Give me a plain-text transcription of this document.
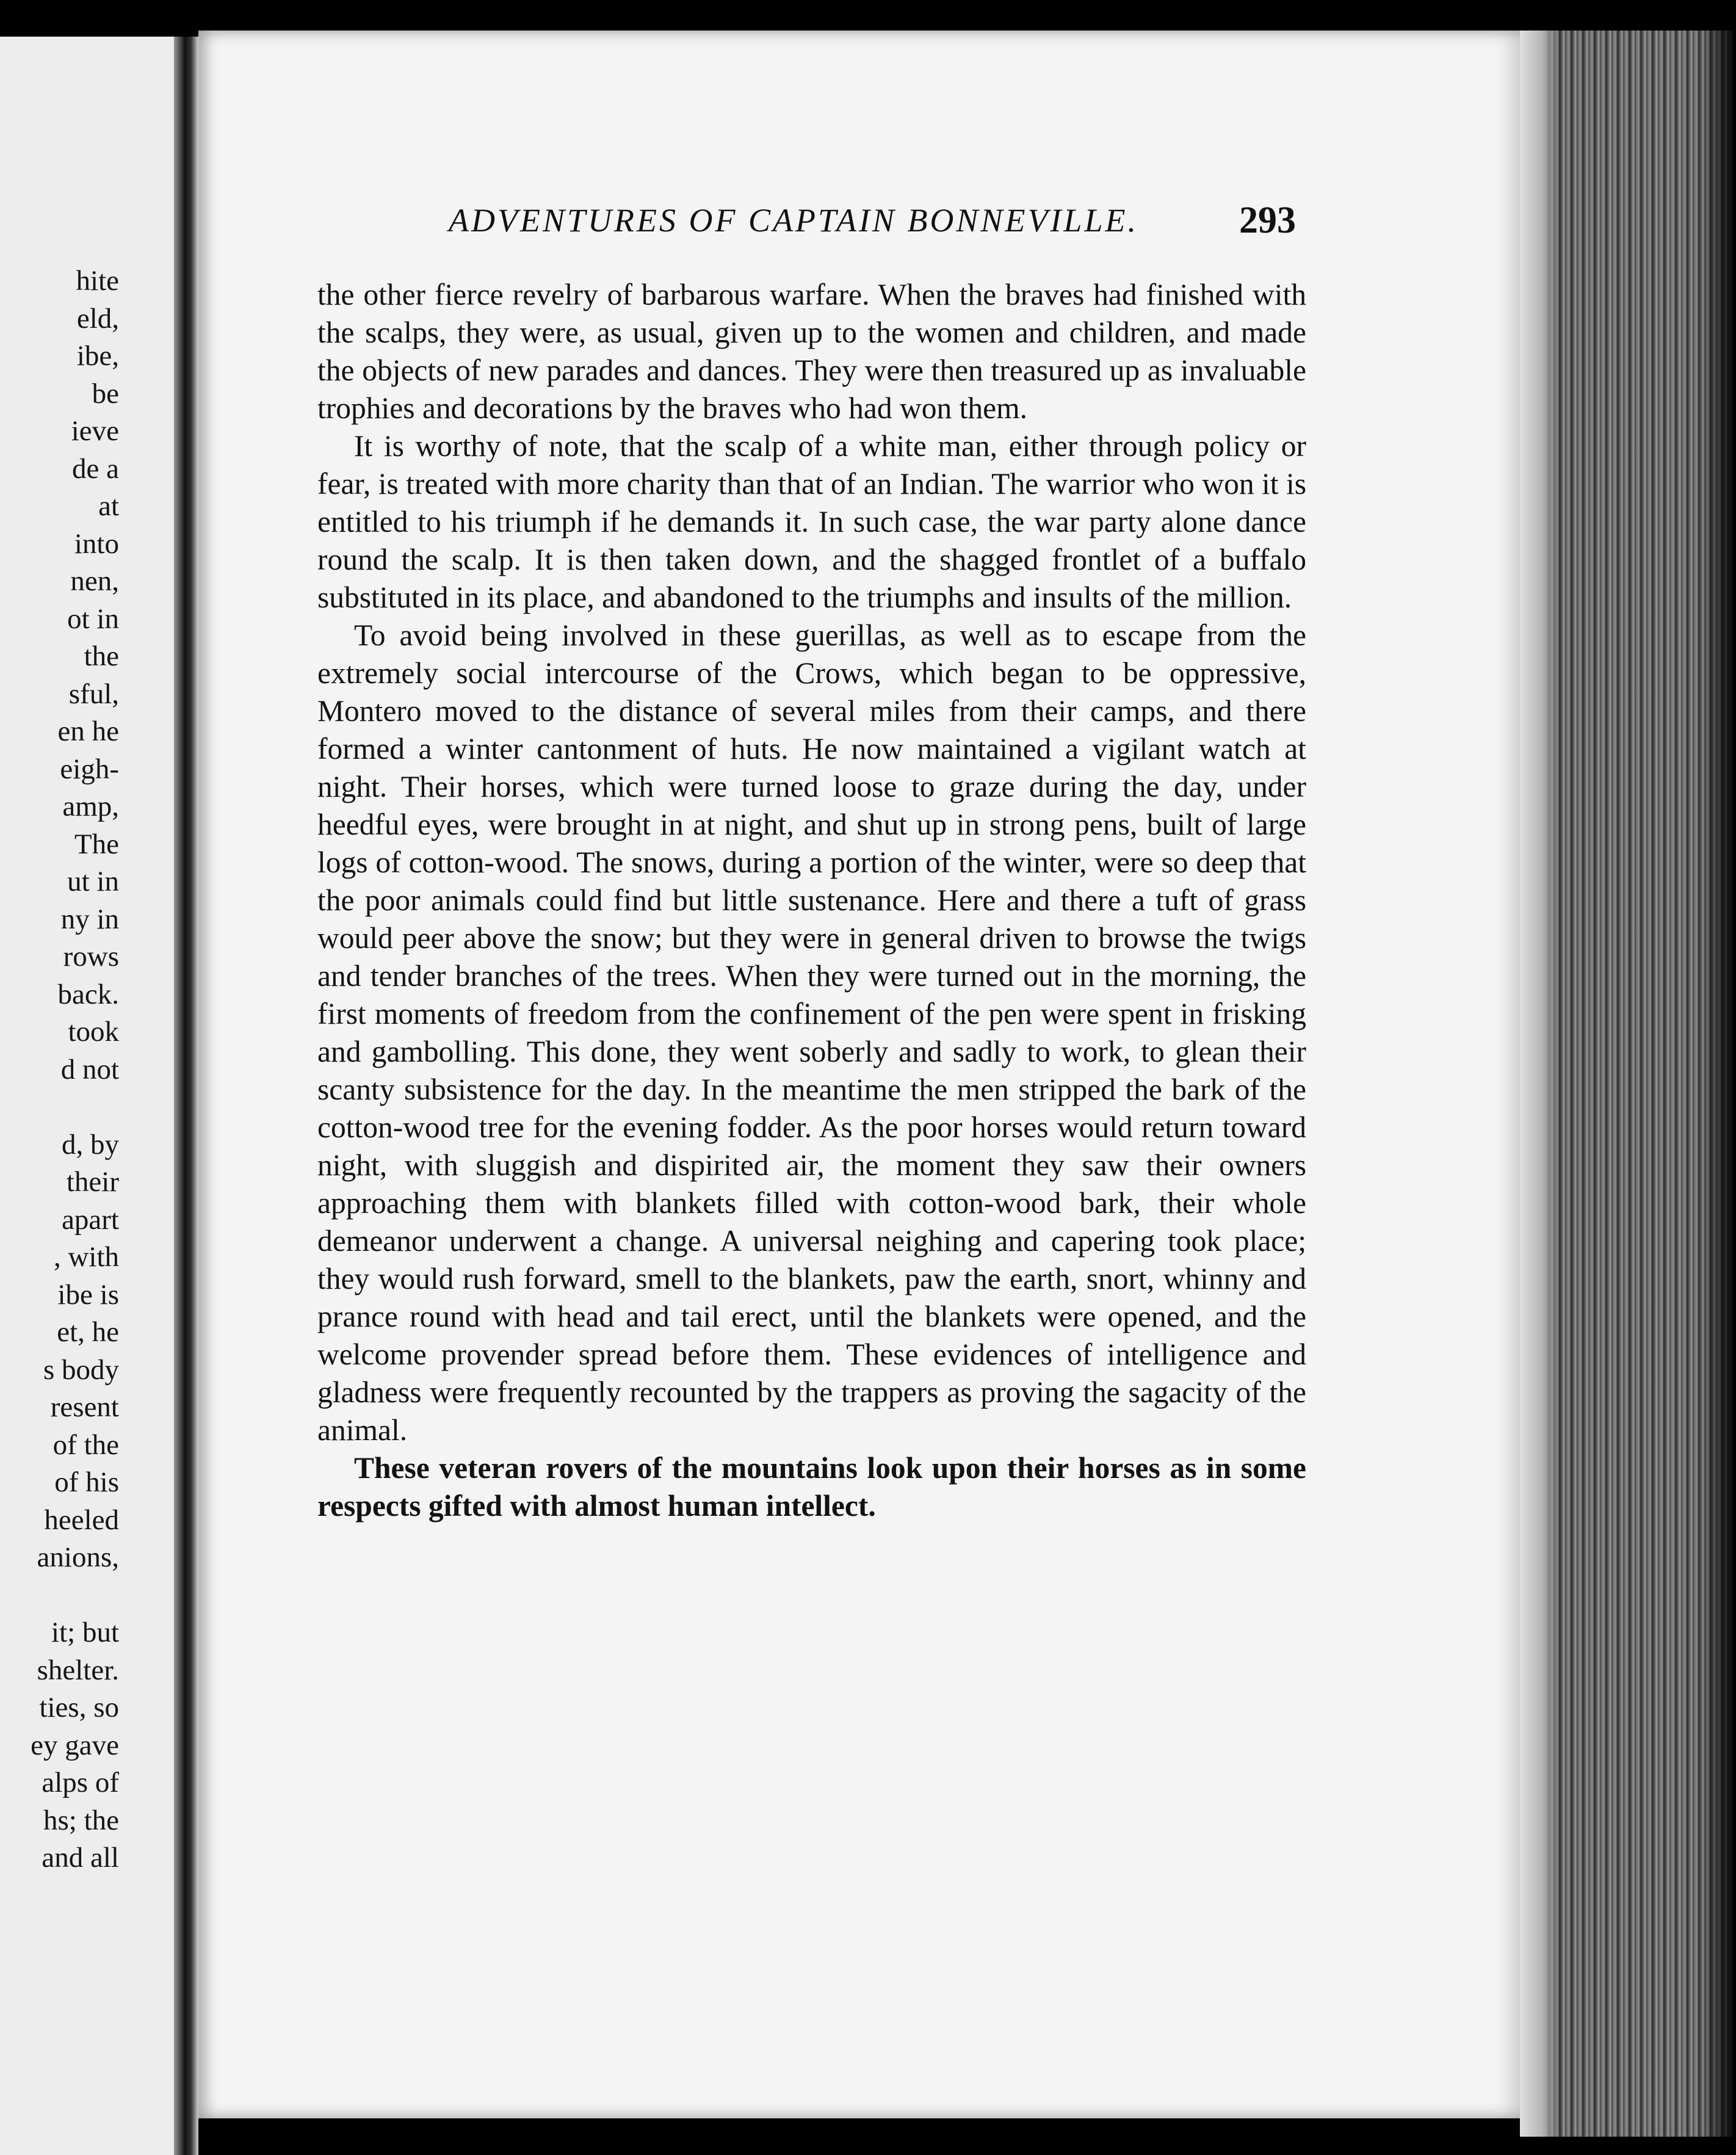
hite
eld,
ibe,
be
ieve
de a
at
into
nen,
ot in
the
sful,
en he
eigh-
amp,
The
ut in
ny in
rows
back.
took
d not

d, by
their
apart
, with
ibe is
et, he
s body
resent
of the
of his
heeled
anions,

it; but
shelter.
ties, so
ey gave
alps of
hs; the
and all
ADVENTURES OF CAPTAIN BONNEVILLE.	293

the other fierce revelry of barbarous warfare. When the braves had finished with the scalps, they were, as usual, given up to the women and children, and made the objects of new parades and dances. They were then treasured up as invaluable trophies and decorations by the braves who had won them.

It is worthy of note, that the scalp of a white man, either through policy or fear, is treated with more charity than that of an Indian. The warrior who won it is entitled to his triumph if he demands it. In such case, the war party alone dance round the scalp. It is then taken down, and the shagged frontlet of a buffalo substituted in its place, and abandoned to the triumphs and insults of the million.

To avoid being involved in these guerillas, as well as to escape from the extremely social intercourse of the Crows, which began to be oppressive, Montero moved to the distance of several miles from their camps, and there formed a winter cantonment of huts. He now maintained a vigilant watch at night. Their horses, which were turned loose to graze during the day, under heedful eyes, were brought in at night, and shut up in strong pens, built of large logs of cotton-wood. The snows, during a portion of the winter, were so deep that the poor animals could find but little sustenance. Here and there a tuft of grass would peer above the snow; but they were in general driven to browse the twigs and tender branches of the trees. When they were turned out in the morning, the first moments of freedom from the confinement of the pen were spent in frisking and gambolling. This done, they went soberly and sadly to work, to glean their scanty subsistence for the day. In the meantime the men stripped the bark of the cotton-wood tree for the evening fodder. As the poor horses would return toward night, with sluggish and dispirited air, the moment they saw their owners approaching them with blankets filled with cotton-wood bark, their whole demeanor underwent a change. A universal neighing and capering took place; they would rush forward, smell to the blankets, paw the earth, snort, whinny and prance round with head and tail erect, until the blankets were opened, and the welcome provender spread before them. These evidences of intelligence and gladness were frequently recounted by the trappers as proving the sagacity of the animal.

These veteran rovers of the mountains look upon their horses as in some respects gifted with almost human intellect.
